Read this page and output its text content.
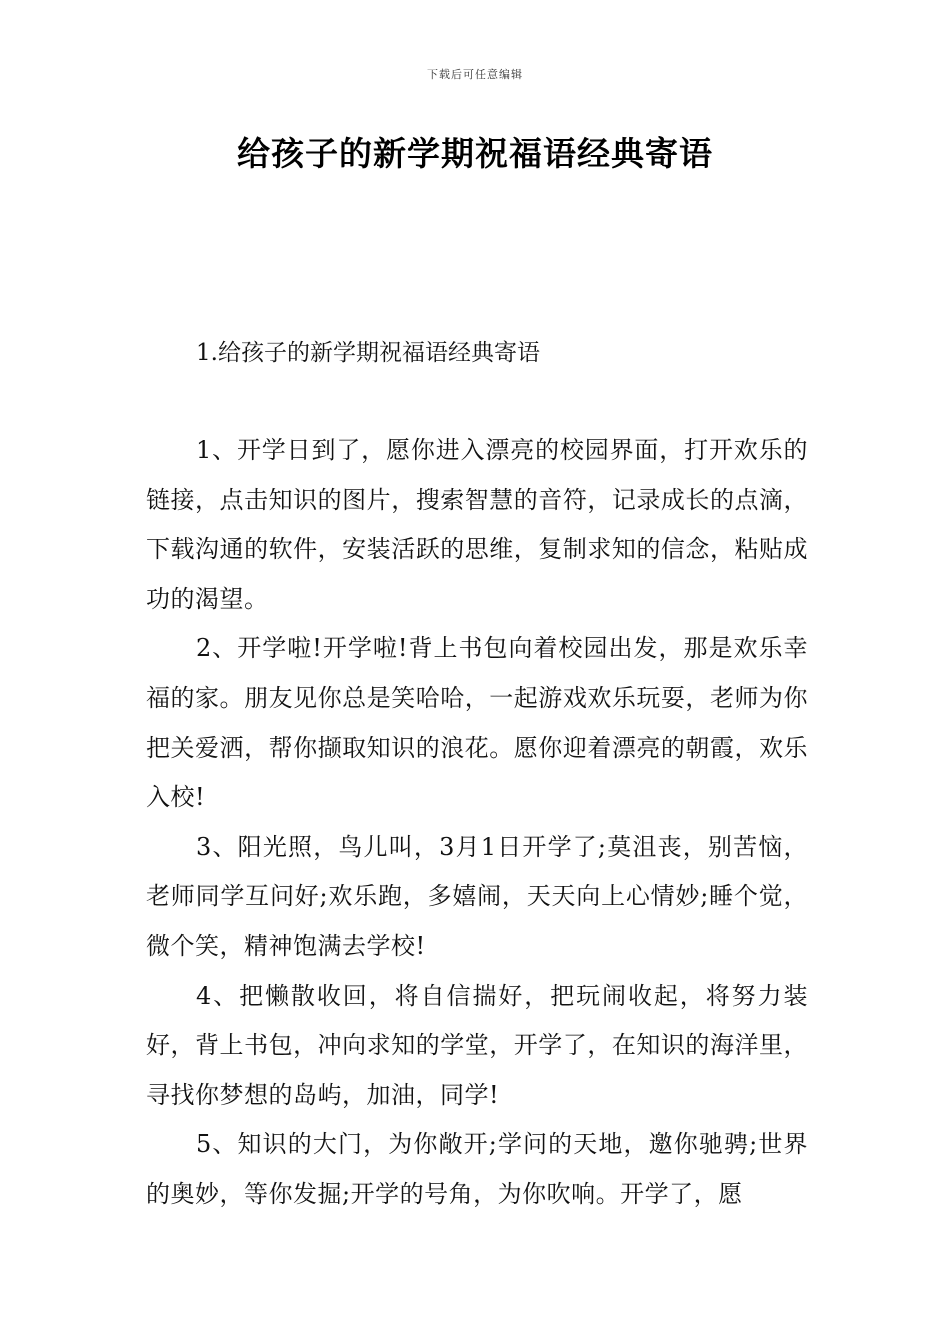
下载后可任意编辑
给孩子的新学期祝福语经典寄语
1.给孩子的新学期祝福语经典寄语

1、开学日到了，愿你进入漂亮的校园界面，打开欢乐的链接，点击知识的图片，搜索智慧的音符，记录成长的点滴，下载沟通的软件，安装活跃的思维，复制求知的信念，粘贴成功的渴望。

2、开学啦!开学啦!背上书包向着校园出发，那是欢乐幸福的家。朋友见你总是笑哈哈，一起游戏欢乐玩耍，老师为你把关爱洒，帮你撷取知识的浪花。愿你迎着漂亮的朝霞，欢乐入校!

3、阳光照，鸟儿叫，3月1日开学了;莫沮丧，别苦恼，老师同学互问好;欢乐跑，多嬉闹，天天向上心情妙;睡个觉，微个笑，精神饱满去学校!

4、把懒散收回，将自信揣好，把玩闹收起，将努力装好，背上书包，冲向求知的学堂，开学了，在知识的海洋里，寻找你梦想的岛屿，加油，同学!

5、知识的大门，为你敞开;学问的天地，邀你驰骋;世界的奥妙，等你发掘;开学的号角，为你吹响。开学了，愿
